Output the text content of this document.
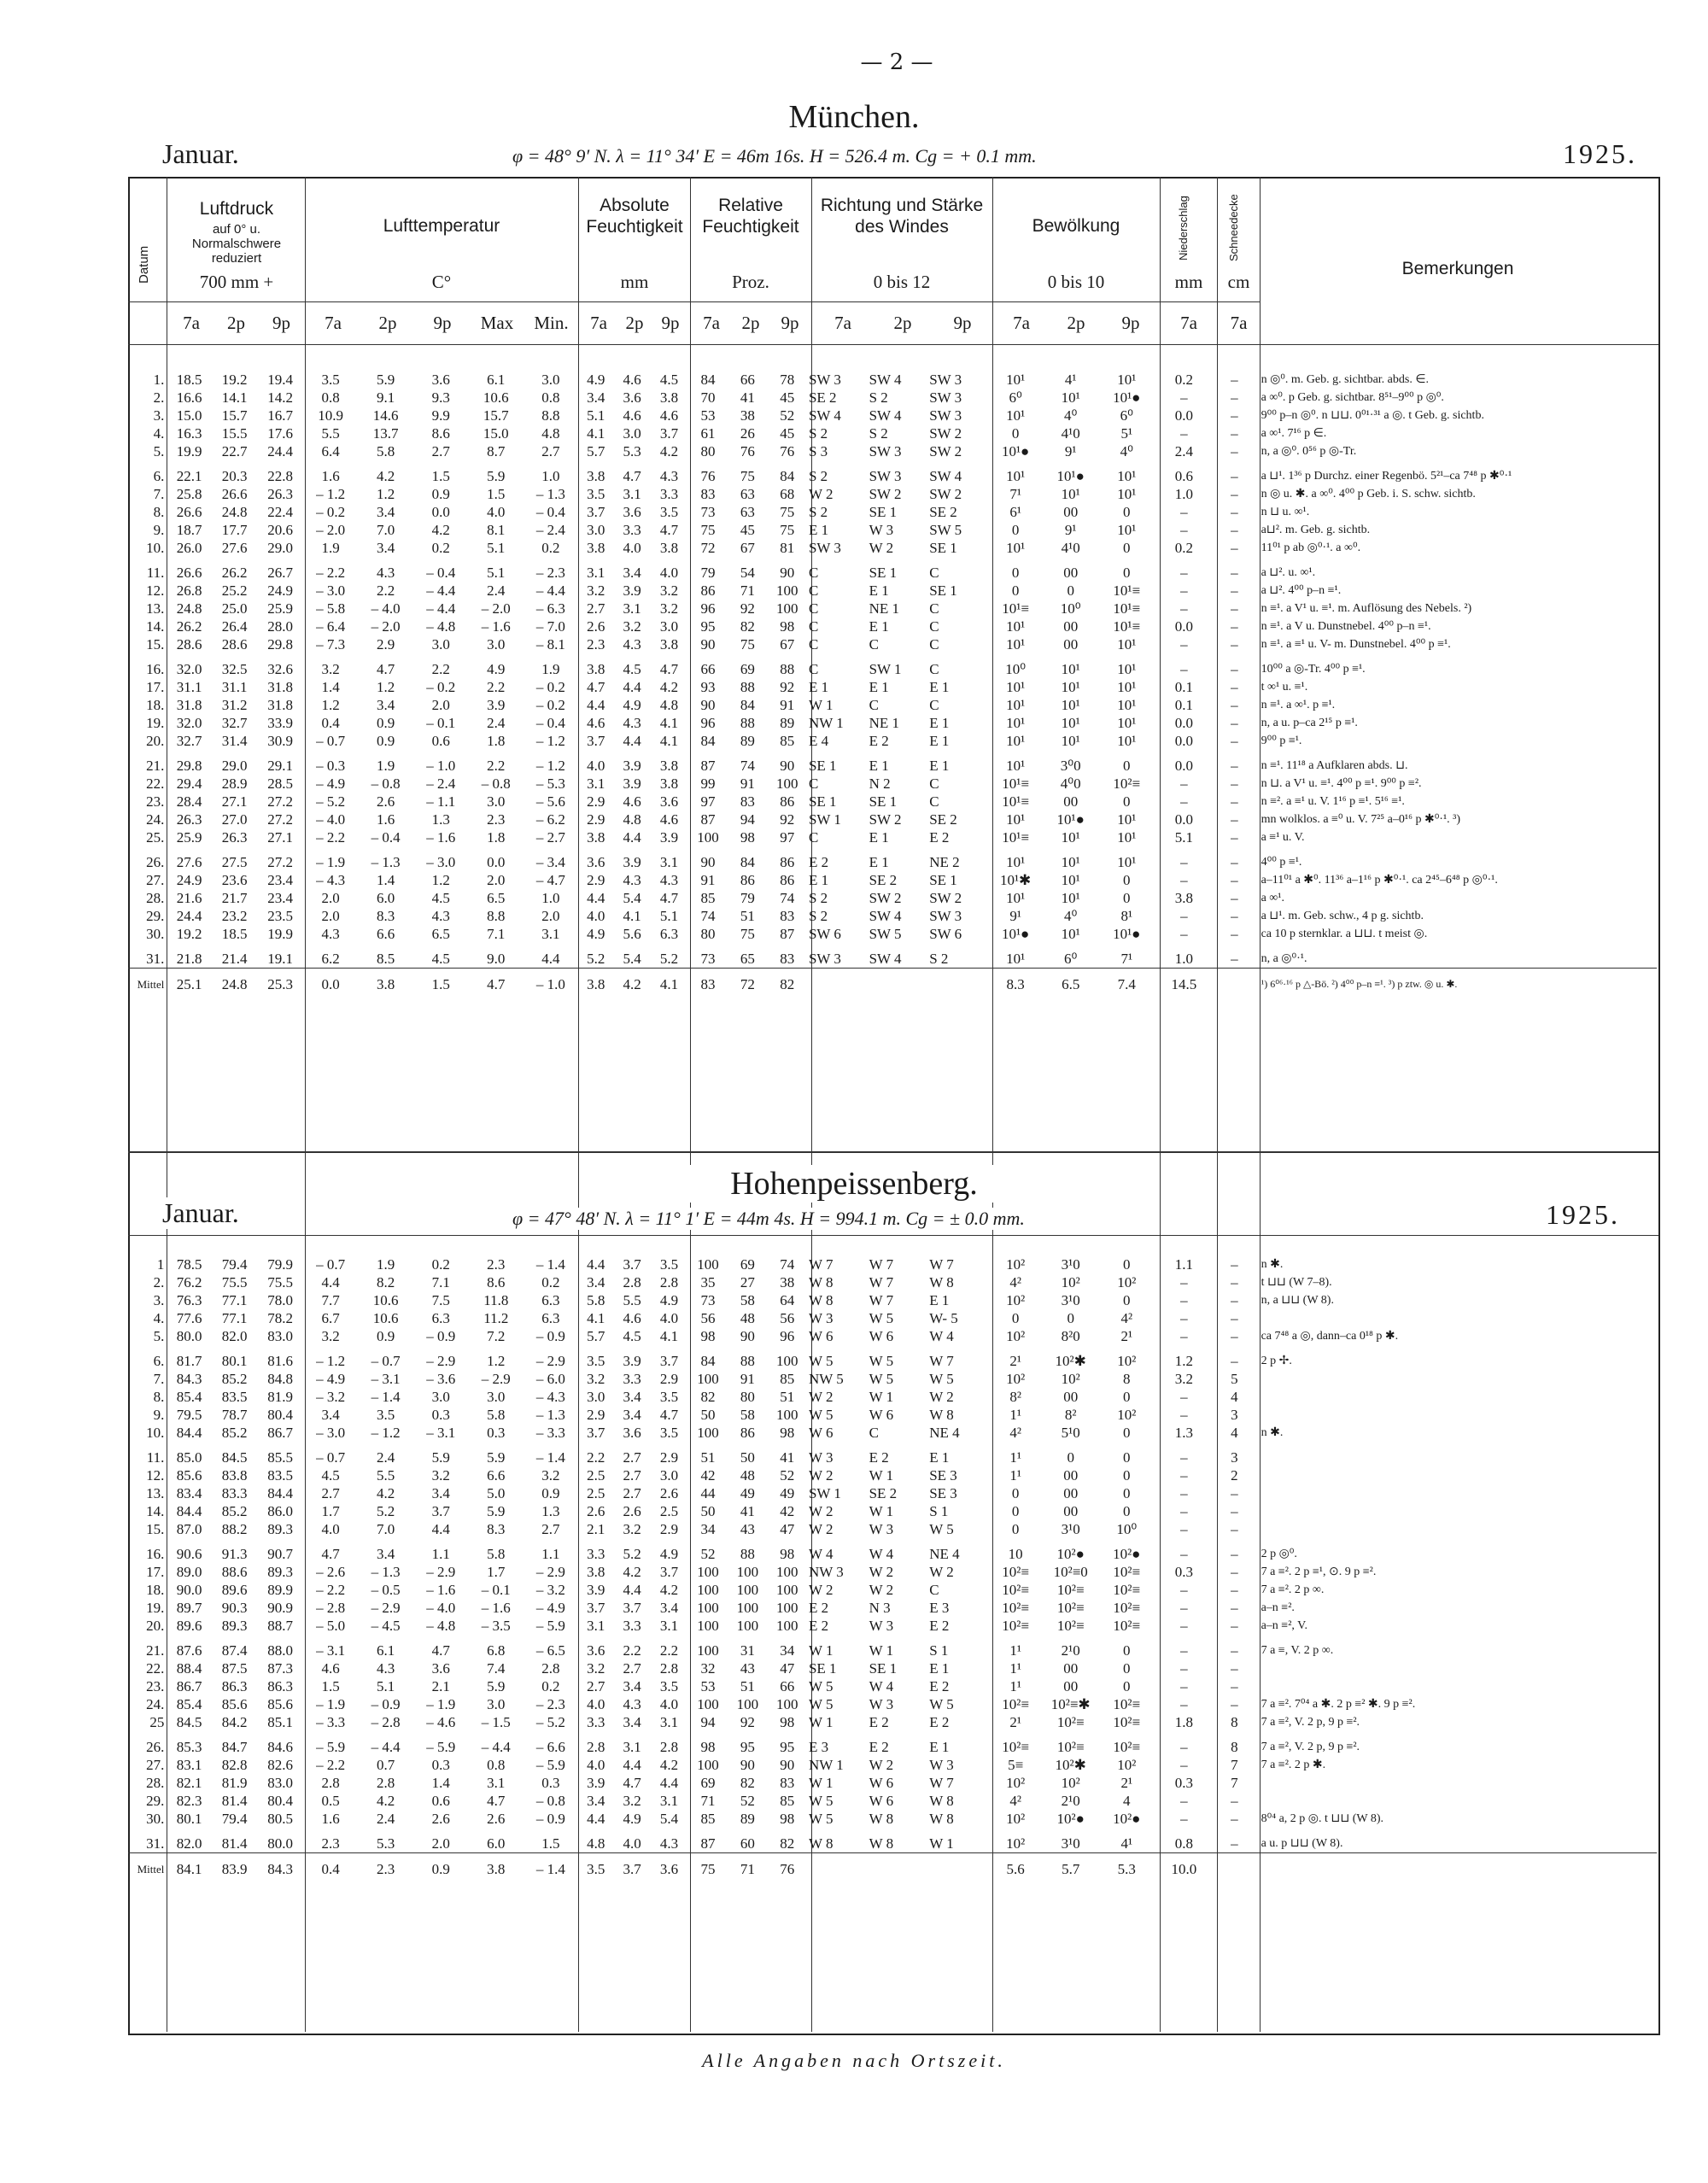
— 2 —
München.
Januar.	φ = 48° 9′ N. λ = 11° 34′ E = 46m 16s. H = 526.4 m. Cg = + 0.1 mm.	1925.
Datum
Luftdruck
auf 0° u. Normalschwere reduziert
700 mm +
Lufttemperatur
C°
Absolute Feuchtigkeit
mm
Relative Feuchtigkeit
Proz.
Richtung und Stärke des Windes
0 bis 12
Bewölkung
0 bis 10
Niederschlag
mm
Schneedecke
cm
Bemerkungen
7a	2p	9p	7a	2p	9p	Max	Min.	7a	2p	9p	7a	2p	9p	7a	2p	9p	7a	2p	9p	7a	7a
1.	18.5	19.2	19.4	3.5	5.9	3.6	6.1	3.0	4.9	4.6	4.5	84	66	78	SW 3	SW 4	SW 3	10¹	4¹	10¹	0.2	–	n ◎⁰. m. Geb. g. sichtbar. abds. ∈.
2.	16.6	14.1	14.2	0.8	9.1	9.3	10.6	0.8	3.4	3.6	3.8	70	41	45	SE 2	S 2	SW 3	6⁰	10¹	10¹●	–	–	a ∞⁰. p Geb. g. sichtbar. 8⁵¹–9⁰⁰ p ◎⁰.
3.	15.0	15.7	16.7	10.9	14.6	9.9	15.7	8.8	5.1	4.6	4.6	53	38	52	SW 4	SW 4	SW 3	10¹	4⁰	6⁰	0.0	–	9⁰⁰ p–n ◎⁰. n ⊔⊔. 0⁰¹·³¹ a ◎. t Geb. g. sichtb.
4.	16.3	15.5	17.6	5.5	13.7	8.6	15.0	4.8	4.1	3.0	3.7	61	26	45	S 2	S 2	SW 2	0	4¹0	5¹	–	–	a ∞¹. 7¹⁶ p ∈.
5.	19.9	22.7	24.4	6.4	5.8	2.7	8.7	2.7	5.7	5.3	4.2	80	76	76	S 3	SW 3	SW 2	10¹●	9¹	4⁰	2.4	–	n, a ◎⁰. 0⁵⁶ p ◎-Tr.
6.	22.1	20.3	22.8	1.6	4.2	1.5	5.9	1.0	3.8	4.7	4.3	76	75	84	S 2	SW 3	SW 4	10¹	10¹●	10¹	0.6	–	a ⊔¹. 1³⁶ p Durchz. einer Regenbö. 5²¹–ca 7⁴⁸ p ✱⁰·¹
7.	25.8	26.6	26.3	– 1.2	1.2	0.9	1.5	– 1.3	3.5	3.1	3.3	83	63	68	W 2	SW 2	SW 2	7¹	10¹	10¹	1.0	–	n ◎ u. ✱. a ∞⁰. 4⁰⁰ p Geb. i. S. schw. sichtb.
8.	26.6	24.8	22.4	– 0.2	3.4	0.0	4.0	– 0.4	3.7	3.6	3.5	73	63	75	S 2	SE 1	SE 2	6¹	00	0	–	–	n ⊔ u. ∞¹.
9.	18.7	17.7	20.6	– 2.0	7.0	4.2	8.1	– 2.4	3.0	3.3	4.7	75	45	75	E 1	W 3	SW 5	0	9¹	10¹	–	–	a⊔². m. Geb. g. sichtb.
10.	26.0	27.6	29.0	1.9	3.4	0.2	5.1	0.2	3.8	4.0	3.8	72	67	81	SW 3	W 2	SE 1	10¹	4¹0	0	0.2	–	11⁰¹ p ab ◎⁰·¹. a ∞⁰.
11.	26.6	26.2	26.7	– 2.2	4.3	– 0.4	5.1	– 2.3	3.1	3.4	4.0	79	54	90	C	SE 1	C	0	00	0	–	–	a ⊔². u. ∞¹.
12.	26.8	25.2	24.9	– 3.0	2.2	– 4.4	2.4	– 4.4	3.2	3.9	3.2	86	71	100	C	E 1	SE 1	0	0	10¹≡	–	–	a ⊔². 4⁰⁰ p–n ≡¹.
13.	24.8	25.0	25.9	– 5.8	– 4.0	– 4.4	– 2.0	– 6.3	2.7	3.1	3.2	96	92	100	C	NE 1	C	10¹≡	10⁰	10¹≡	–	–	n ≡¹. a V¹ u. ≡¹. m. Auflösung des Nebels. ²)
14.	26.2	26.4	28.0	– 6.4	– 2.0	– 4.8	– 1.6	– 7.0	2.6	3.2	3.0	95	82	98	C	E 1	C	10¹	00	10¹≡	0.0	–	n ≡¹. a V u. Dunstnebel. 4⁰⁰ p–n ≡¹.
15.	28.6	28.6	29.8	– 7.3	2.9	3.0	3.0	– 8.1	2.3	4.3	3.8	90	75	67	C	C	C	10¹	00	10¹	–	–	n ≡¹. a ≡¹ u. V- m. Dunstnebel. 4⁰⁰ p ≡¹.
16.	32.0	32.5	32.6	3.2	4.7	2.2	4.9	1.9	3.8	4.5	4.7	66	69	88	C	SW 1	C	10⁰	10¹	10¹	–	–	10⁰⁰ a ◎-Tr. 4⁰⁰ p ≡¹.
17.	31.1	31.1	31.8	1.4	1.2	– 0.2	2.2	– 0.2	4.7	4.4	4.2	93	88	92	E 1	E 1	E 1	10¹	10¹	10¹	0.1	–	t ∞¹ u. ≡¹.
18.	31.8	31.2	31.8	1.2	3.4	2.0	3.9	– 0.2	4.4	4.9	4.8	90	84	91	W 1	C	C	10¹	10¹	10¹	0.1	–	n ≡¹. a ∞¹. p ≡¹.
19.	32.0	32.7	33.9	0.4	0.9	– 0.1	2.4	– 0.4	4.6	4.3	4.1	96	88	89	NW 1	NE 1	E 1	10¹	10¹	10¹	0.0	–	n, a u. p–ca 2¹⁵ p ≡¹.
20.	32.7	31.4	30.9	– 0.7	0.9	0.6	1.8	– 1.2	3.7	4.4	4.1	84	89	85	E 4	E 2	E 1	10¹	10¹	10¹	0.0	–	9⁰⁰ p ≡¹.
21.	29.8	29.0	29.1	– 0.3	1.9	– 1.0	2.2	– 1.2	4.0	3.9	3.8	87	74	90	SE 1	E 1	E 1	10¹	3⁰0	0	0.0	–	n ≡¹. 11¹⁸ a Aufklaren abds. ⊔.
22.	29.4	28.9	28.5	– 4.9	– 0.8	– 2.4	– 0.8	– 5.3	3.1	3.9	3.8	99	91	100	C	N 2	C	10¹≡	4⁰0	10²≡	–	–	n ⊔. a V¹ u. ≡¹. 4⁰⁰ p ≡¹. 9⁰⁰ p ≡².
23.	28.4	27.1	27.2	– 5.2	2.6	– 1.1	3.0	– 5.6	2.9	4.6	3.6	97	83	86	SE 1	SE 1	C	10¹≡	00	0	–	–	n ≡². a ≡¹ u. V. 1¹⁶ p ≡¹. 5¹⁶ ≡¹.
24.	26.3	27.0	27.2	– 4.0	1.6	1.3	2.3	– 6.2	2.9	4.8	4.6	87	94	92	SW 1	SW 2	SE 2	10¹	10¹●	10¹	0.0	–	mn wolklos. a ≡⁰ u. V. 7²⁵ a–0¹⁶ p ✱⁰·¹. ³)
25.	25.9	26.3	27.1	– 2.2	– 0.4	– 1.6	1.8	– 2.7	3.8	4.4	3.9	100	98	97	C	E 1	E 2	10¹≡	10¹	10¹	5.1	–	a ≡¹ u. V.
26.	27.6	27.5	27.2	– 1.9	– 1.3	– 3.0	0.0	– 3.4	3.6	3.9	3.1	90	84	86	E 2	E 1	NE 2	10¹	10¹	10¹	–	–	4⁰⁰ p ≡¹.
27.	24.9	23.6	23.4	– 4.3	1.4	1.2	2.0	– 4.7	2.9	4.3	4.3	91	86	86	E 1	SE 2	SE 1	10¹✱	10¹	0	–	–	a–11⁰¹ a ✱⁰. 11³⁶ a–1¹⁶ p ✱⁰·¹. ca 2⁴⁵–6⁴⁸ p ◎⁰·¹.
28.	21.6	21.7	23.4	2.0	6.0	4.5	6.5	1.0	4.4	5.4	4.7	85	79	74	S 2	SW 2	SW 2	10¹	10¹	0	3.8	–	a ∞¹.
29.	24.4	23.2	23.5	2.0	8.3	4.3	8.8	2.0	4.0	4.1	5.1	74	51	83	S 2	SW 4	SW 3	9¹	4⁰	8¹	–	–	a ⊔¹. m. Geb. schw., 4 p g. sichtb.
30.	19.2	18.5	19.9	4.3	6.6	6.5	7.1	3.1	4.9	5.6	6.3	80	75	87	SW 6	SW 5	SW 6	10¹●	10¹	10¹●	–	–	ca 10 p sternklar. a ⊔⊔. t meist ◎.
31.	21.8	21.4	19.1	6.2	8.5	4.5	9.0	4.4	5.2	5.4	5.2	73	65	83	SW 3	SW 4	S 2	10¹	6⁰	7¹	1.0	–	n, a ◎⁰·¹.
Mittel	25.1	24.8	25.3	0.0	3.8	1.5	4.7	– 1.0	3.8	4.2	4.1	83	72	82				8.3	6.5	7.4	14.5		¹) 6⁰⁶·¹⁶ p △-Bö. ²) 4⁰⁰ p–n ≡¹. ³) p ztw. ◎ u. ✱.
Hohenpeissenberg.
Januar.	φ = 47° 48′ N. λ = 11° 1′ E = 44m 4s. H = 994.1 m. Cg = ± 0.0 mm.	1925.
1	78.5	79.4	79.9	– 0.7	1.9	0.2	2.3	– 1.4	4.4	3.7	3.5	100	69	74	W 7	W 7	W 7	10²	3¹0	0	1.1	–	n ✱.
2.	76.2	75.5	75.5	4.4	8.2	7.1	8.6	0.2	3.4	2.8	2.8	35	27	38	W 8	W 7	W 8	4²	10²	10²	–	–	t ⊔⊔ (W 7–8).
3.	76.3	77.1	78.0	7.7	10.6	7.5	11.8	6.3	5.8	5.5	4.9	73	58	64	W 8	W 7	E 1	10²	3¹0	0	–	–	n, a ⊔⊔ (W 8).
4.	77.6	77.1	78.2	6.7	10.6	6.3	11.2	6.3	4.1	4.6	4.0	56	48	56	W 3	W 5	W- 5	0	0	4²	–	–	
5.	80.0	82.0	83.0	3.2	0.9	– 0.9	7.2	– 0.9	5.7	4.5	4.1	98	90	96	W 6	W 6	W 4	10²	8²0	2¹	–	–	ca 7⁴⁸ a ◎, dann–ca 0¹⁸ p ✱.
6.	81.7	80.1	81.6	– 1.2	– 0.7	– 2.9	1.2	– 2.9	3.5	3.9	3.7	84	88	100	W 5	W 5	W 7	2¹	10²✱	10²	1.2	–	2 p ✢.
7.	84.3	85.2	84.8	– 4.9	– 3.1	– 3.6	– 2.9	– 6.0	3.2	3.3	2.9	100	91	85	NW 5	W 5	W 5	10²	10²	8	3.2	5	
8.	85.4	83.5	81.9	– 3.2	– 1.4	3.0	3.0	– 4.3	3.0	3.4	3.5	82	80	51	W 2	W 1	W 2	8²	00	0	–	4	
9.	79.5	78.7	80.4	3.4	3.5	0.3	5.8	– 1.3	2.9	3.4	4.7	50	58	100	W 5	W 6	W 8	1¹	8²	10²	–	3	
10.	84.4	85.2	86.7	– 3.0	– 1.2	– 3.1	0.3	– 3.3	3.7	3.6	3.5	100	86	98	W 6	C	NE 4	4²	5¹0	0	1.3	4	n ✱.
11.	85.0	84.5	85.5	– 0.7	2.4	5.9	5.9	– 1.4	2.2	2.7	2.9	51	50	41	W 3	E 2	E 1	1¹	0	0	–	3	
12.	85.6	83.8	83.5	4.5	5.5	3.2	6.6	3.2	2.5	2.7	3.0	42	48	52	W 2	W 1	SE 3	1¹	00	0	–	2	
13.	83.4	83.3	84.4	2.7	4.2	3.4	5.0	0.9	2.5	2.7	2.6	44	49	49	SW 1	SE 2	SE 3	0	00	0	–	–	
14.	84.4	85.2	86.0	1.7	5.2	3.7	5.9	1.3	2.6	2.6	2.5	50	41	42	W 2	W 1	S 1	0	00	0	–	–	
15.	87.0	88.2	89.3	4.0	7.0	4.4	8.3	2.7	2.1	3.2	2.9	34	43	47	W 2	W 3	W 5	0	3¹0	10⁰	–	–	
16.	90.6	91.3	90.7	4.7	3.4	1.1	5.8	1.1	3.3	5.2	4.9	52	88	98	W 4	W 4	NE 4	10	10²●	10²●	–	–	2 p ◎⁰.
17.	89.0	88.6	89.3	– 2.6	– 1.3	– 2.9	1.7	– 2.9	3.8	4.2	3.7	100	100	100	NW 3	W 2	W 2	10²≡	10²≡0	10²≡	0.3	–	7 a ≡². 2 p ≡¹, ⊙. 9 p ≡².
18.	90.0	89.6	89.9	– 2.2	– 0.5	– 1.6	– 0.1	– 3.2	3.9	4.4	4.2	100	100	100	W 2	W 2	C	10²≡	10²≡	10²≡	–	–	7 a ≡². 2 p ∞.
19.	89.7	90.3	90.9	– 2.8	– 2.9	– 4.0	– 1.6	– 4.9	3.7	3.7	3.4	100	100	100	E 2	N 3	E 3	10²≡	10²≡	10²≡	–	–	a–n ≡².
20.	89.6	89.3	88.7	– 5.0	– 4.5	– 4.8	– 3.5	– 5.9	3.1	3.3	3.1	100	100	100	E 2	W 3	E 2	10²≡	10²≡	10²≡	–	–	a–n ≡², V.
21.	87.6	87.4	88.0	– 3.1	6.1	4.7	6.8	– 6.5	3.6	2.2	2.2	100	31	34	W 1	W 1	S 1	1¹	2¹0	0	–	–	7 a ≡, V. 2 p ∞.
22.	88.4	87.5	87.3	4.6	4.3	3.6	7.4	2.8	3.2	2.7	2.8	32	43	47	SE 1	SE 1	E 1	1¹	00	0	–	–	
23.	86.7	86.3	86.3	1.5	5.1	2.1	5.9	0.2	2.7	3.4	3.5	53	51	66	W 5	W 4	E 2	1¹	00	0	–	–	
24.	85.4	85.6	85.6	– 1.9	– 0.9	– 1.9	3.0	– 2.3	4.0	4.3	4.0	100	100	100	W 5	W 3	W 5	10²≡	10²≡✱	10²≡	–	–	7 a ≡². 7⁰⁴ a ✱. 2 p ≡² ✱. 9 p ≡².
25	84.5	84.2	85.1	– 3.3	– 2.8	– 4.6	– 1.5	– 5.2	3.3	3.4	3.1	94	92	98	W 1	E 2	E 2	2¹	10²≡	10²≡	1.8	8	7 a ≡², V. 2 p, 9 p ≡².
26.	85.3	84.7	84.6	– 5.9	– 4.4	– 5.9	– 4.4	– 6.6	2.8	3.1	2.8	98	95	95	E 3	E 2	E 1	10²≡	10²≡	10²≡	–	8	7 a ≡², V. 2 p, 9 p ≡².
27.	83.1	82.8	82.6	– 2.2	0.7	0.3	0.8	– 5.9	4.0	4.4	4.2	100	90	90	NW 1	W 2	W 3	5≡	10²✱	10²	–	7	7 a ≡². 2 p ✱.
28.	82.1	81.9	83.0	2.8	2.8	1.4	3.1	0.3	3.9	4.7	4.4	69	82	83	W 1	W 6	W 7	10²	10²	2¹	0.3	7	
29.	82.3	81.4	80.4	0.5	4.2	0.6	4.7	– 0.8	3.4	3.2	3.1	71	52	85	W 5	W 6	W 8	4²	2¹0	4	–	–	
30.	80.1	79.4	80.5	1.6	2.4	2.6	2.6	– 0.9	4.4	4.9	5.4	85	89	98	W 5	W 8	W 8	10²	10²●	10²●	–	–	8⁰⁴ a, 2 p ◎. t ⊔⊔ (W 8).
31.	82.0	81.4	80.0	2.3	5.3	2.0	6.0	1.5	4.8	4.0	4.3	87	60	82	W 8	W 8	W 1	10²	3¹0	4¹	0.8	–	a u. p ⊔⊔ (W 8).
Mittel	84.1	83.9	84.3	0.4	2.3	0.9	3.8	– 1.4	3.5	3.7	3.6	75	71	76				5.6	5.7	5.3	10.0		
Alle Angaben nach Ortszeit.
